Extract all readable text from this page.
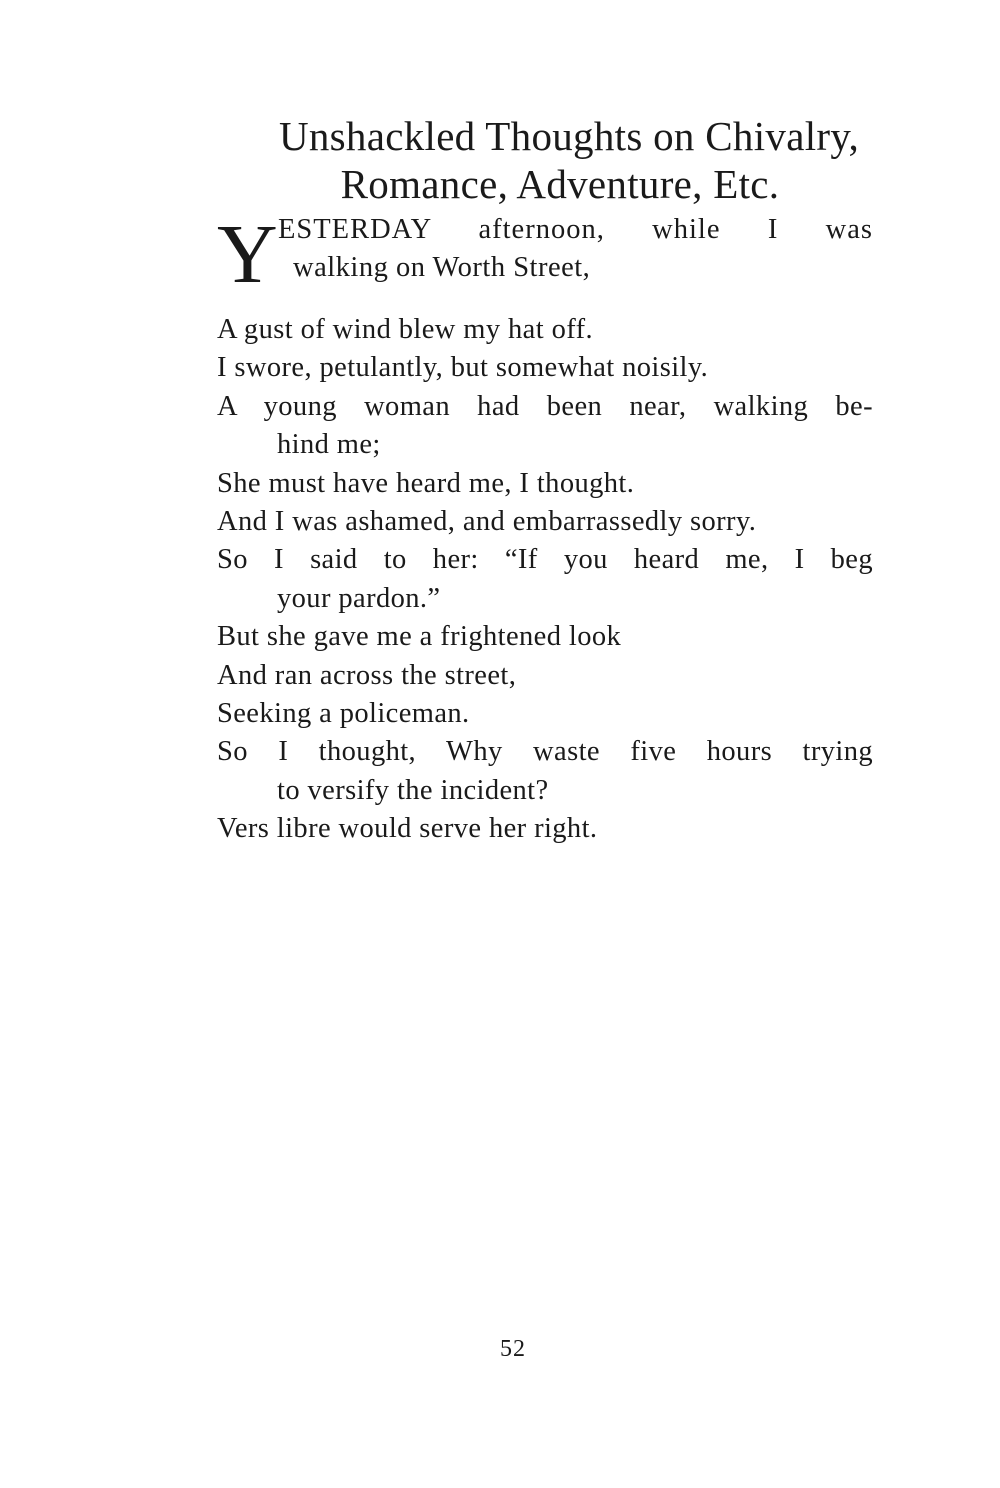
Unshackled Thoughts on Chivalry,
Romance, Adventure, Etc.
Y ESTERDAY afternoon, while I was
walking on Worth Street,
A gust of wind blew my hat off.
I swore, petulantly, but somewhat noisily.
A young woman had been near, walking be-
hind me;
She must have heard me, I thought.
And I was ashamed, and embarrassedly sorry.
So I said to her: “If you heard me, I beg
your pardon.”
But she gave me a frightened look
And ran across the street,
Seeking a policeman.
So I thought, Why waste five hours trying
to versify the incident?
Vers libre would serve her right.
52
